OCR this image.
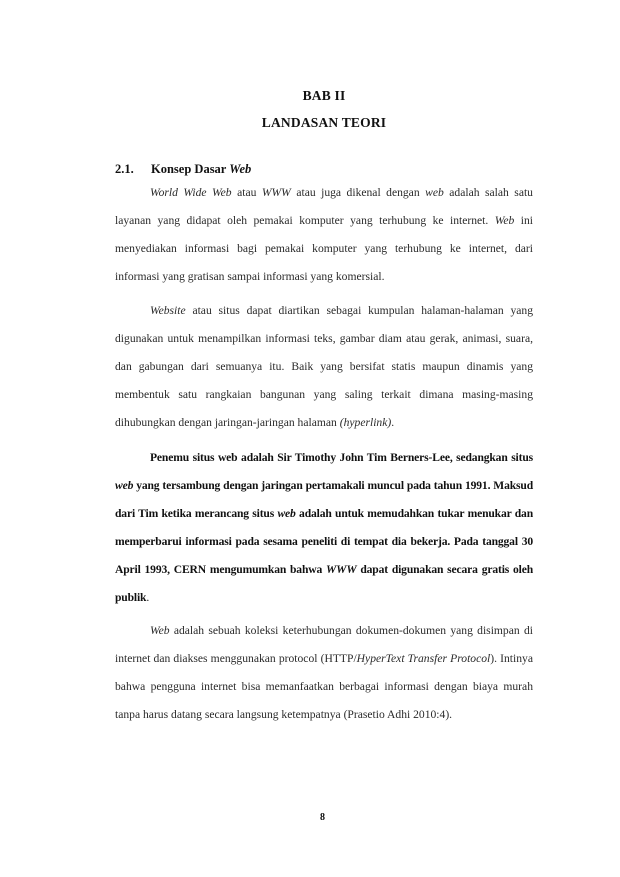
BAB II
LANDASAN TEORI
2.1. Konsep Dasar Web

World Wide Web atau WWW atau juga dikenal dengan web adalah salah satu layanan yang didapat oleh pemakai komputer yang terhubung ke internet. Web ini menyediakan informasi bagi pemakai komputer yang terhubung ke internet, dari informasi yang gratisan sampai informasi yang komersial.

Website atau situs dapat diartikan sebagai kumpulan halaman-halaman yang digunakan untuk menampilkan informasi teks, gambar diam atau gerak, animasi, suara, dan gabungan dari semuanya itu. Baik yang bersifat statis maupun dinamis yang membentuk satu rangkaian bangunan yang saling terkait dimana masing-masing dihubungkan dengan jaringan-jaringan halaman (hyperlink).

Penemu situs web adalah Sir Timothy John Tim Berners-Lee, sedangkan situs web yang tersambung dengan jaringan pertamakali muncul pada tahun 1991. Maksud dari Tim ketika merancang situs web adalah untuk memudahkan tukar menukar dan memperbarui informasi pada sesama peneliti di tempat dia bekerja. Pada tanggal 30 April 1993, CERN mengumumkan bahwa WWW dapat digunakan secara gratis oleh publik.

Web adalah sebuah koleksi keterhubungan dokumen-dokumen yang disimpan di internet dan diakses menggunakan protocol (HTTP/HyperText Transfer Protocol). Intinya bahwa pengguna internet bisa memanfaatkan berbagai informasi dengan biaya murah tanpa harus datang secara langsung ketempatnya (Prasetio Adhi 2010:4).

8
